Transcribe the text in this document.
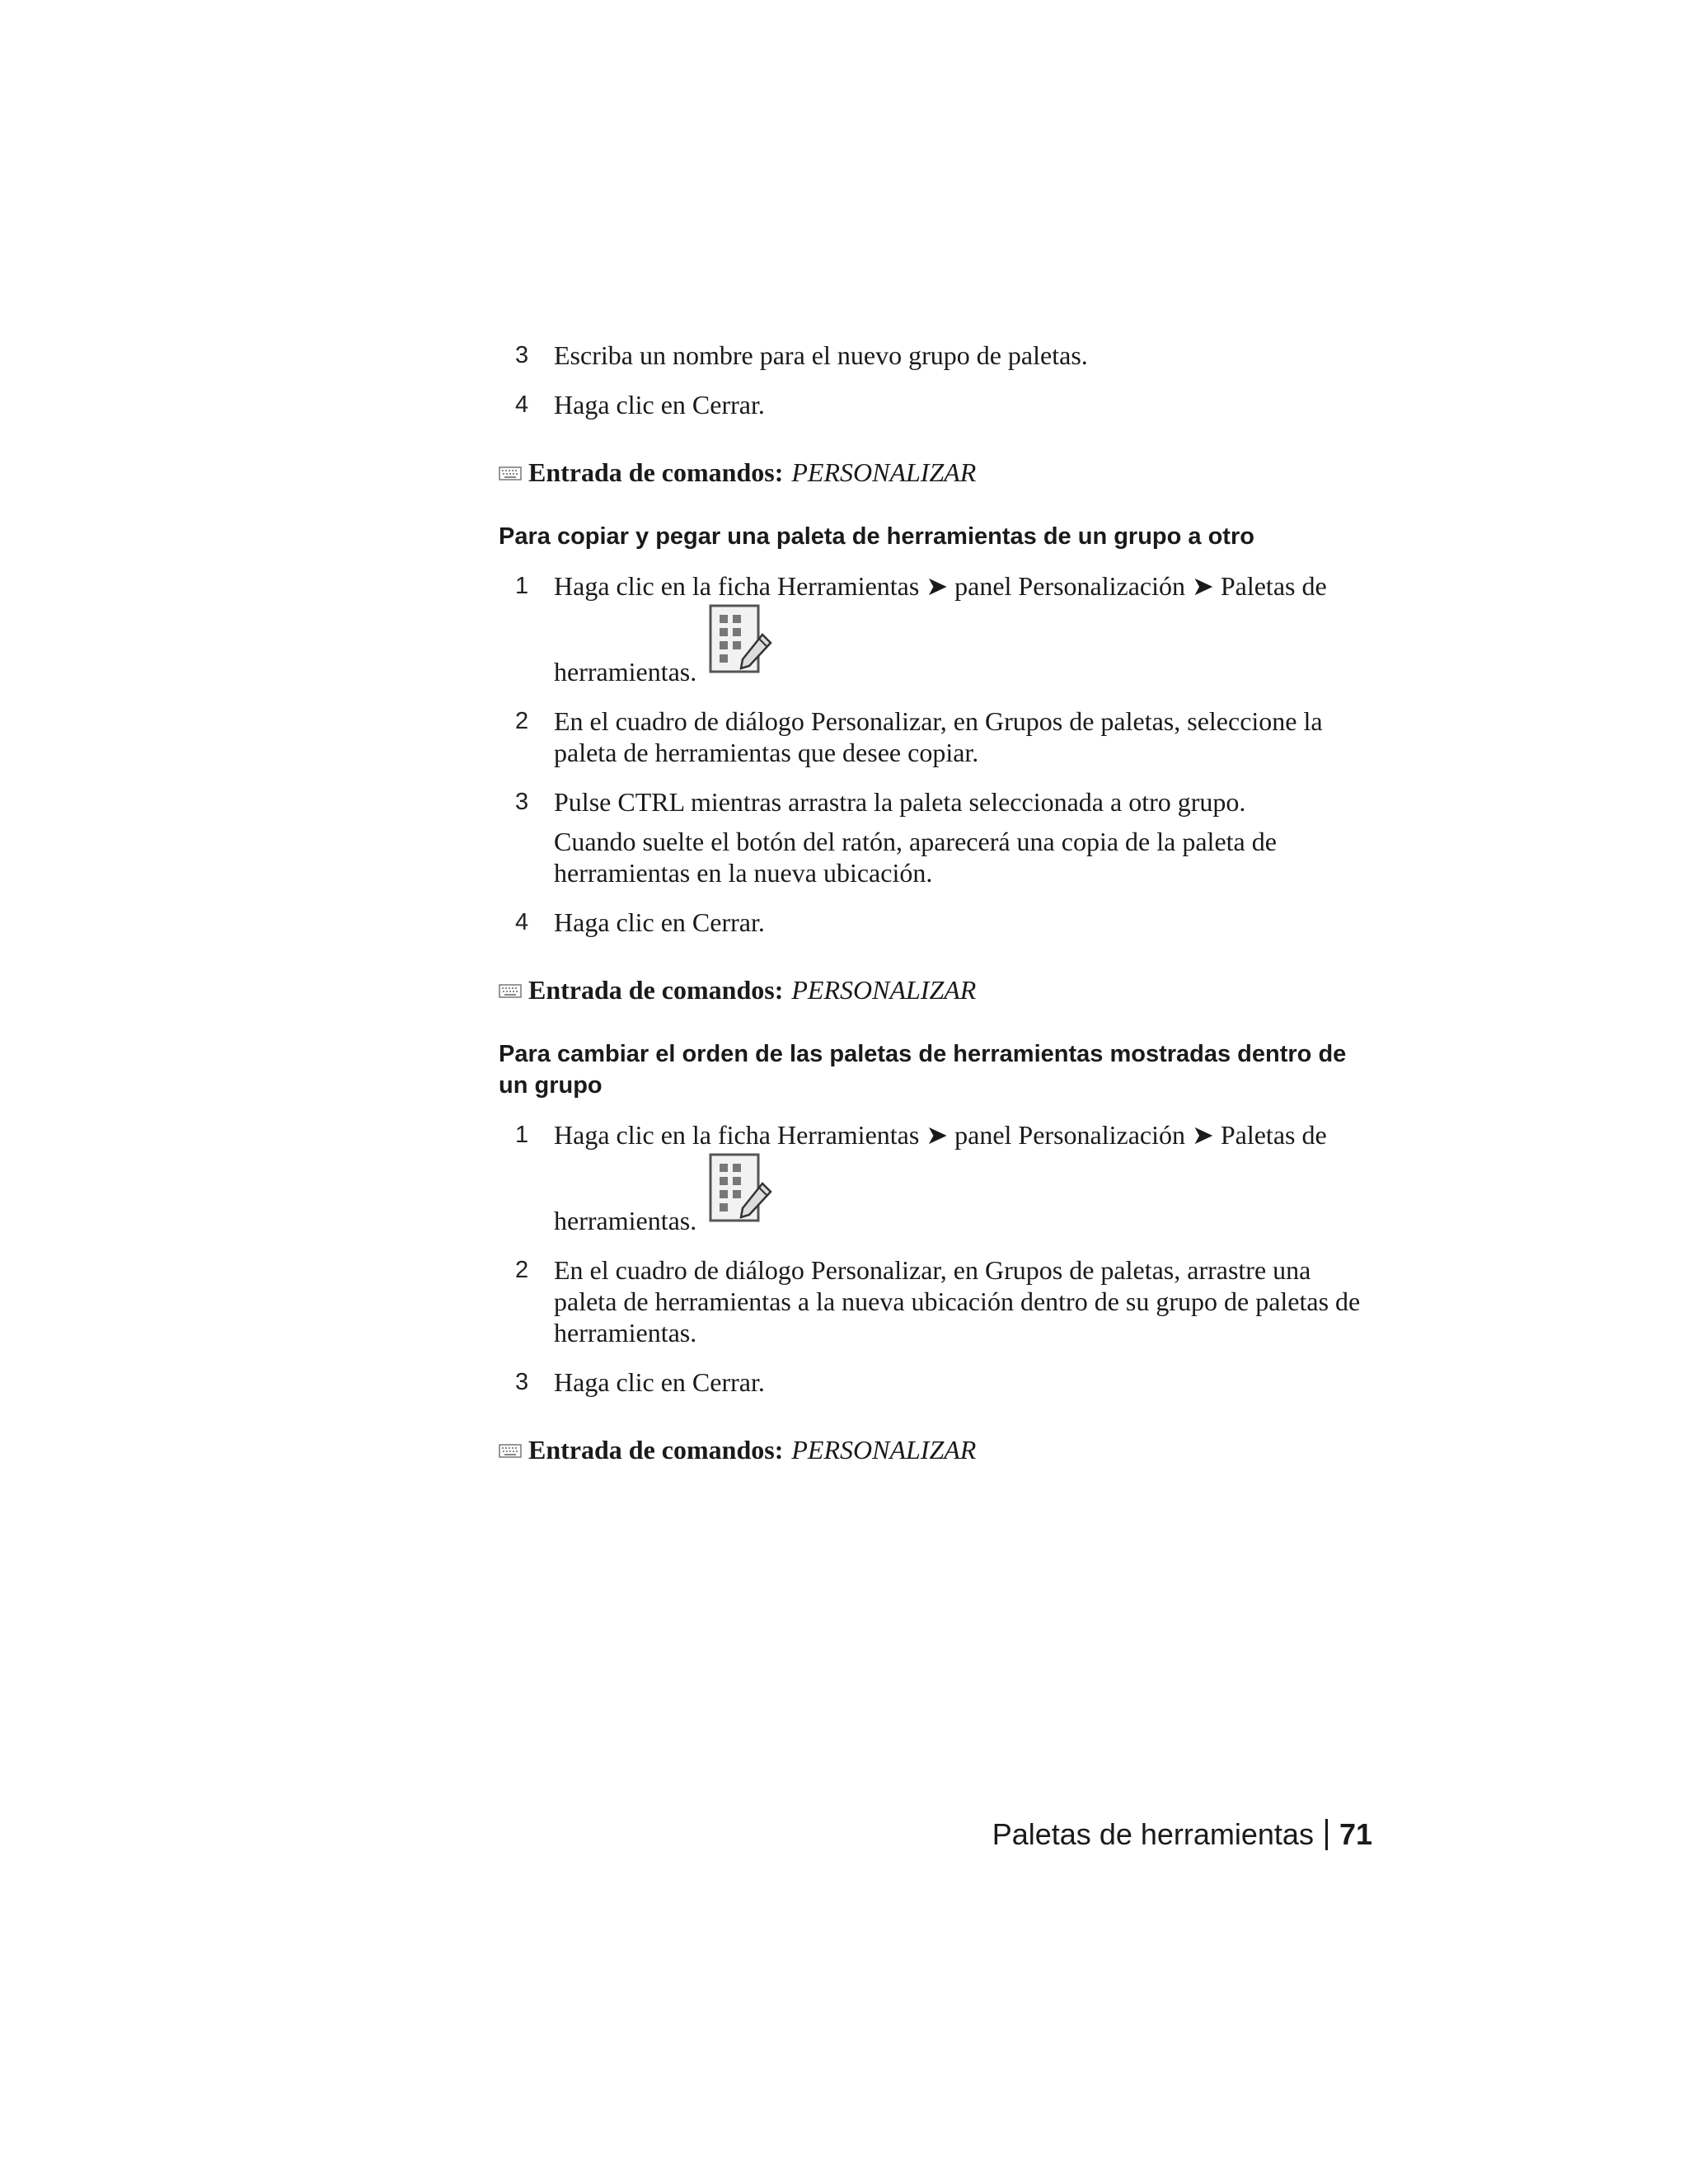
3 Escriba un nombre para el nuevo grupo de paletas.

4 Haga clic en Cerrar.

Entrada de comandos: PERSONALIZAR
Para copiar y pegar una paleta de herramientas de un grupo a otro
1 Haga clic en la ficha Herramientas ➤ panel Personalización ➤ Paletas de
herramientas.
2 En el cuadro de diálogo Personalizar, en Grupos de paletas, seleccione la paleta de herramientas que desee copiar.

3 Pulse CTRL mientras arrastra la paleta seleccionada a otro grupo.

Cuando suelte el botón del ratón, aparecerá una copia de la paleta de herramientas en la nueva ubicación.

4 Haga clic en Cerrar.

Entrada de comandos: PERSONALIZAR
Para cambiar el orden de las paletas de herramientas mostradas dentro de un grupo
1 Haga clic en la ficha Herramientas ➤ panel Personalización ➤ Paletas de
herramientas.
2 En el cuadro de diálogo Personalizar, en Grupos de paletas, arrastre una paleta de herramientas a la nueva ubicación dentro de su grupo de paletas de herramientas.

3 Haga clic en Cerrar.

Entrada de comandos: PERSONALIZAR
Paletas de herramientas 71
